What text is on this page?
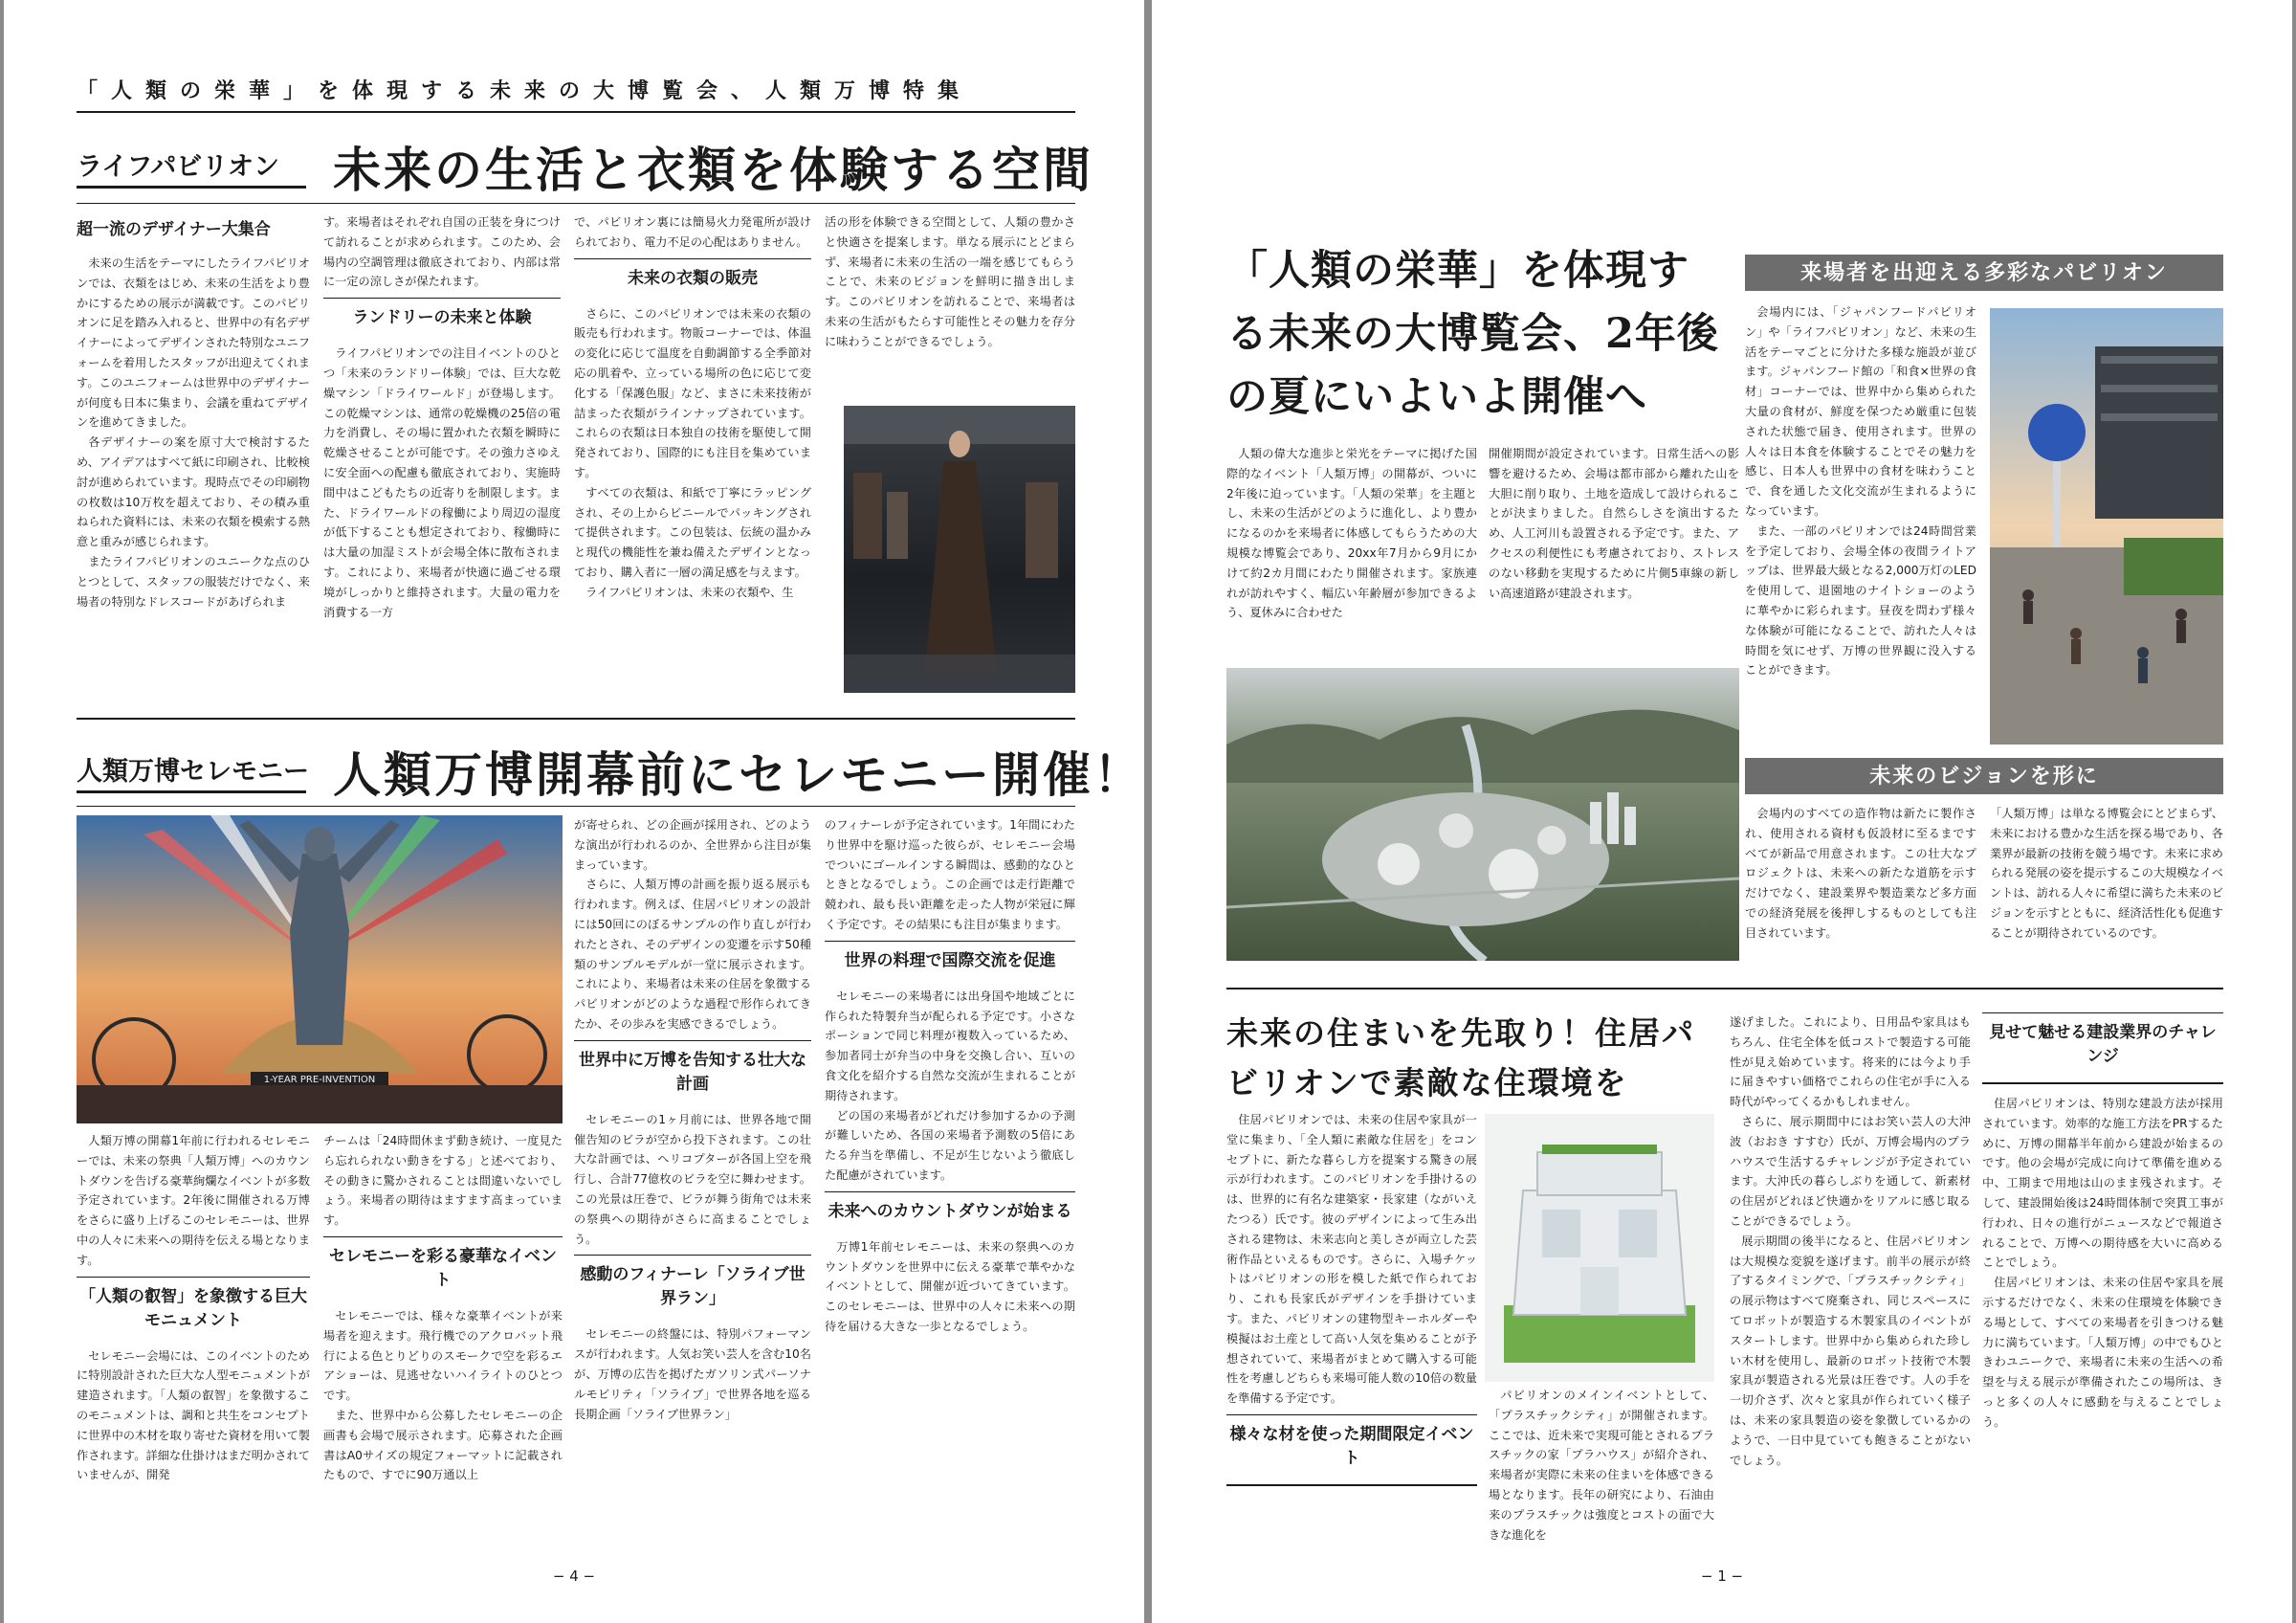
「人類の栄華」を体現する未来の大博覧会、人類万博特集
ライフパビリオン 未来の生活と衣類を体験する空間
超一流のデザイナー大集合

未来の生活をテーマにしたライフパビリオンでは、衣類をはじめ、未来の生活をより豊かにするための展示が満載です。このパビリオンに足を踏み入れると、世界中の有名デザイナーによってデザインされた特別なユニフォームを着用したスタッフが出迎えてくれます。このユニフォームは世界中のデザイナーが何度も日本に集まり、会議を重ねてデザインを進めてきました。

各デザイナーの案を原寸大で検討するため、アイデアはすべて紙に印刷され、比較検討が進められています。現時点でその印刷物の枚数は10万枚を超えており、その積み重ねられた資料には、未来の衣類を模索する熱意と重みが感じられます。

またライフパビリオンのユニークな点のひとつとして、スタッフの服装だけでなく、来場者の特別なドレスコードがあげられま

す。来場者はそれぞれ自国の正装を身につけて訪れることが求められます。このため、会場内の空調管理は徹底されており、内部は常に一定の涼しさが保たれます。
ランドリーの未来と体験

ライフパビリオンでの注目イベントのひとつ「未来のランドリー体験」では、巨大な乾燥マシン「ドライワールド」が登場します。この乾燥マシンは、通常の乾燥機の25倍の電力を消費し、その場に置かれた衣類を瞬時に乾燥させることが可能です。その強力さゆえに安全面への配慮も徹底されており、実施時間中はこどもたちの近寄りを制限します。また、ドライワールドの稼働により周辺の湿度が低下することも想定されており、稼働時には大量の加湿ミストが会場全体に散布されます。これにより、来場者が快適に過ごせる環境がしっかりと維持されます。大量の電力を消費する一方

で、パビリオン裏には簡易火力発電所が設けられており、電力不足の心配はありません。
未来の衣類の販売

さらに、このパビリオンでは未来の衣類の販売も行われます。物販コーナーでは、体温の変化に応じて温度を自動調節する全季節対応の肌着や、立っている場所の色に応じて変化する「保護色服」など、まさに未来技術が詰まった衣類がラインナップされています。これらの衣類は日本独自の技術を駆使して開発されており、国際的にも注目を集めています。

すべての衣類は、和紙で丁寧にラッピングされ、その上からビニールでパッキングされて提供されます。この包装は、伝統の温かみと現代の機能性を兼ね備えたデザインとなっており、購入者に一層の満足感を与えます。

ライフパビリオンは、未来の衣類や、生

活の形を体験できる空間として、人類の豊かさと快適さを提案します。単なる展示にとどまらず、来場者に未来の生活の一端を感じてもらうことで、未来のビジョンを鮮明に描き出します。このパビリオンを訪れることで、来場者は未来の生活がもたらす可能性とその魅力を存分に味わうことができるでしょう。
人類万博セレモニー 人類万博開幕前にセレモニー開催！
1-YEAR PRE-INVENTION

人類万博の開幕1年前に行われるセレモニーでは、未来の祭典「人類万博」へのカウントダウンを告げる豪華絢爛なイベントが多数予定されています。2年後に開催される万博をさらに盛り上げるこのセレモニーは、世界中の人々に未来への期待を伝える場となります。

「人類の叡智」を象徴する巨大モニュメント

セレモニー会場には、このイベントのために特別設計された巨大な人型モニュメントが建造されます。「人類の叡智」を象徴するこのモニュメントは、調和と共生をコンセプトに世界中の木材を取り寄せた資材を用いて製作されます。詳細な仕掛けはまだ明かされていませんが、開発

チームは「24時間休まず動き続け、一度見たら忘れられない動きをする」と述べており、その動きに驚かされることは間違いないでしょう。来場者の期待はますます高まっています。
セレモニーを彩る豪華なイベント

セレモニーでは、様々な豪華イベントが来場者を迎えます。飛行機でのアクロバット飛行による色とりどりのスモークで空を彩るエアショーは、見逃せないハイライトのひとつです。

また、世界中から公募したセレモニーの企画書も会場で展示されます。応募された企画書はA0サイズの規定フォーマットに記載されたもので、すでに90万通以上

が寄せられ、どの企画が採用され、どのような演出が行われるのか、全世界から注目が集まっています。

さらに、人類万博の計画を振り返る展示も行われます。例えば、住居パビリオンの設計には50回にのぼるサンプルの作り直しが行われたとされ、そのデザインの変遷を示す50種類のサンプルモデルが一堂に展示されます。これにより、来場者は未来の住居を象徴するパビリオンがどのような過程で形作られてきたか、その歩みを実感できるでしょう。

世界中に万博を告知する壮大な計画

セレモニーの1ヶ月前には、世界各地で開催告知のビラが空から投下されます。この壮大な計画では、ヘリコプターが各国上空を飛行し、合計77億枚のビラを空に舞わせます。この光景は圧巻で、ビラが舞う街角では未来の祭典への期待がさらに高まることでしょう。

感動のフィナーレ「ソライブ世界ラン」

セレモニーの終盤には、特別パフォーマンスが行われます。人気お笑い芸人を含む10名が、万博の広告を掲げたガソリン式パーソナルモビリティ「ソライブ」で世界各地を巡る長期企画「ソライブ世界ラン」

のフィナーレが予定されています。1年間にわたり世界中を駆け巡った彼らが、セレモニー会場でついにゴールインする瞬間は、感動的なひとときとなるでしょう。この企画では走行距離で競われ、最も長い距離を走った人物が栄冠に輝く予定です。その結果にも注目が集まります。
世界の料理で国際交流を促進

セレモニーの来場者には出身国や地域ごとに作られた特製弁当が配られる予定です。小さなポーションで同じ料理が複数入っているため、参加者同士が弁当の中身を交換し合い、互いの食文化を紹介する自然な交流が生まれることが期待されます。

どの国の来場者がどれだけ参加するかの予測が難しいため、各国の来場者予測数の5倍にあたる弁当を準備し、不足が生じないよう徹底した配慮がされています。

未来へのカウントダウンが始まる

万博1年前セレモニーは、未来の祭典へのカウントダウンを世界中に伝える豪華で華やかなイベントとして、開催が近づいてきています。このセレモニーは、世界中の人々に未来への期待を届ける大きな一歩となるでしょう。

− 4 −
「人類の栄華」を体現する未来の大博覧会、2年後の夏にいよいよ開催へ

人類の偉大な進歩と栄光をテーマに掲げた国際的なイベント「人類万博」の開幕が、ついに2年後に迫っています。「人類の栄華」を主題とし、未来の生活がどのように進化し、より豊かになるのかを来場者に体感してもらうための大規模な博覧会であり、20xx年7月から9月にかけて約2カ月間にわたり開催されます。家族連れが訪れやすく、幅広い年齢層が参加できるよう、夏休みに合わせた

開催期間が設定されています。日常生活への影響を避けるため、会場は都市部から離れた山を大胆に削り取り、土地を造成して設けられることが決まりました。自然らしさを演出するため、人工河川も設置される予定です。また、アクセスの利便性にも考慮されており、ストレスのない移動を実現するために片側5車線の新しい高速道路が建設されます。
来場者を出迎える多彩なパビリオン

会場内には、「ジャパンフードパビリオン」や「ライフパビリオン」など、未来の生活をテーマごとに分けた多様な施設が並びます。ジャパンフード館の「和食×世界の食材」コーナーでは、世界中から集められた大量の食材が、鮮度を保つため厳重に包装された状態で届き、使用されます。世界の人々は日本食を体験することでその魅力を感じ、日本人も世界中の食材を味わうことで、食を通した文化交流が生まれるようになっています。

また、一部のパビリオンでは24時間営業を予定しており、会場全体の夜間ライトアップは、世界最大級となる2,000万灯のLEDを使用して、退園地のナイトショーのように華やかに彩られます。昼夜を問わず様々な体験が可能になることで、訪れた人々は時間を気にせず、万博の世界観に没入することができます。

未来のビジョンを形に

会場内のすべての造作物は新たに製作され、使用される資材も仮設材に至るまですべてが新品で用意されます。この壮大なプロジェクトは、未来への新たな道筋を示すだけでなく、建設業界や製造業など多方面での経済発展を後押しするものとしても注目されています。

「人類万博」は単なる博覧会にとどまらず、未来における豊かな生活を探る場であり、各業界が最新の技術を競う場です。未来に求められる発展の姿を提示するこの大規模なイベントは、訪れる人々に希望に満ちた未来のビジョンを示すとともに、経済活性化も促進することが期待されているのです。
未来の住まいを先取り！住居パビリオンで素敵な住環境を

住居パビリオンでは、未来の住居や家具が一堂に集まり、「全人類に素敵な住居を」をコンセプトに、新たな暮らし方を提案する驚きの展示が行われます。このパビリオンを手掛けるのは、世界的に有名な建築家・長家建（ながいえ たつる）氏です。彼のデザインによって生み出される建物は、未来志向と美しさが両立した芸術作品といえるものです。さらに、入場チケットはパビリオンの形を模した紙で作られており、これも長家氏がデザインを手掛けています。また、パビリオンの建物型キーホルダーや模擬はお土産として高い人気を集めることが予想されていて、来場者がまとめて購入する可能性を考慮しどちらも来場可能人数の10倍の数量を準備する予定です。

様々な材を使った期間限定イベント

パビリオンのメインイベントとして、「プラスチックシティ」が開催されます。ここでは、近未来で実現可能とされるプラスチックの家「プラハウス」が紹介され、来場者が実際に未来の住まいを体感できる場となります。長年の研究により、石油由来のプラスチックは強度とコストの面で大きな進化を

遂げました。これにより、日用品や家具はもちろん、住宅全体を低コストで製造する可能性が見え始めています。将来的には今より手に届きやすい価格でこれらの住宅が手に入る時代がやってくるかもしれません。

さらに、展示期間中にはお笑い芸人の大沖波（おおき すすむ）氏が、万博会場内のプラハウスで生活するチャレンジが予定されています。大沖氏の暮らしぶりを通して、新素材の住居がどれほど快適かをリアルに感じ取ることができるでしょう。

展示期間の後半になると、住居パビリオンは大規模な変貌を遂げます。前半の展示が終了するタイミングで、「プラスチックシティ」の展示物はすべて廃棄され、同じスペースにてロボットが製造する木製家具のイベントがスタートします。世界中から集められた珍しい木材を使用し、最新のロボット技術で木製家具が製造される光景は圧巻です。人の手を一切介さず、次々と家具が作られていく様子は、未来の家具製造の姿を象徴しているかのようで、一日中見ていても飽きることがないでしょう。

見せて魅せる建設業界のチャレンジ

住居パビリオンは、特別な建設方法が採用されています。効率的な施工方法をPRするために、万博の開幕半年前から建設が始まるのです。他の会場が完成に向けて準備を進める中、工期まで用地は山のまま残されます。そして、建設開始後は24時間体制で突貫工事が行われ、日々の進行がニュースなどで報道されることで、万博への期待感を大いに高めることでしょう。

住居パビリオンは、未来の住居や家具を展示するだけでなく、未来の住環境を体験できる場として、すべての来場者を引きつける魅力に満ちています。「人類万博」の中でもひときわユニークで、来場者に未来の生活への希望を与える展示が準備されたこの場所は、きっと多くの人々に感動を与えることでしょう。

− 1 −
